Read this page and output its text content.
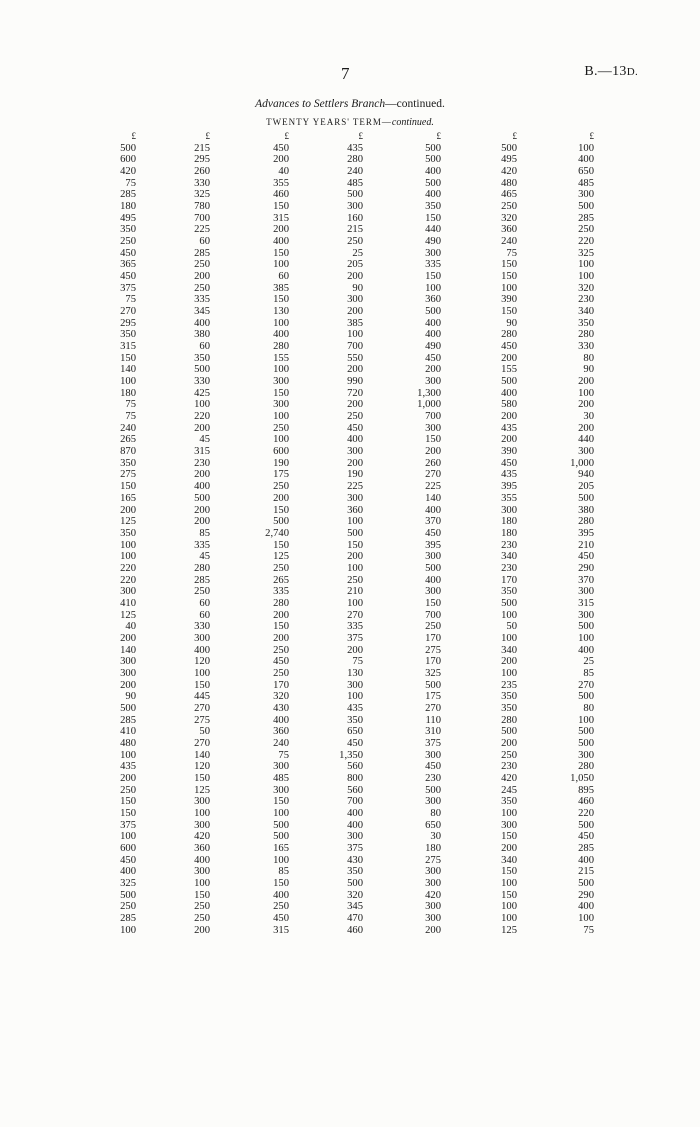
7	B.—13D.
Advances to Settlers Branch—continued.
TWENTY YEARS' TERM—continued.
£
500
600
420
75
285
180
495
350
250
450
365
450
375
75
270
295
350
315
150
140
100
180
75
75
240
265
870
350
275
150
165
200
125
350
100
100
220
220
300
410
125
40
200
140
300
300
200
90
500
285
410
480
100
435
200
250
150
150
375
100
600
450
400
325
500
250
285
100
£
215
295
260
330
325
780
700
225
60
285
250
200
250
335
345
400
380
60
350
500
330
425
100
220
200
45
315
230
200
400
500
200
200
85
335
45
280
285
250
60
60
330
300
400
120
100
150
445
270
275
50
270
140
120
150
125
300
100
300
420
360
400
300
100
150
250
250
200
£
450
200
40
355
460
150
315
200
400
150
100
60
385
150
130
100
400
280
155
100
300
150
300
100
250
100
600
190
175
250
200
150
500
2,740
150
125
250
265
335
280
200
150
200
250
450
250
170
320
430
400
360
240
75
300
485
300
150
100
500
500
165
100
85
150
400
250
450
315
£
435
280
240
485
500
300
160
215
250
25
205
200
90
300
200
385
100
700
550
200
990
720
200
250
450
400
300
200
190
225
300
360
100
500
150
200
100
250
210
100
270
335
375
200
75
130
300
100
435
350
650
450
1,350
560
800
560
700
400
400
300
375
430
350
500
320
345
470
460
£
500
500
400
500
400
350
150
440
490
300
335
150
100
360
500
400
400
490
450
200
300
1,300
1,000
700
300
150
200
260
270
225
140
400
370
450
395
300
500
400
300
150
700
250
170
275
170
325
500
175
270
110
310
375
300
450
230
500
300
80
650
30
180
275
300
300
420
300
300
200
£
500
495
420
480
465
250
320
360
240
75
150
150
100
390
150
90
280
450
200
155
500
400
580
200
435
200
390
450
435
395
355
300
180
180
230
340
230
170
350
500
100
50
100
340
200
100
235
350
350
280
500
200
250
230
420
245
350
100
300
150
200
340
150
100
150
100
100
125
£
100
400
650
485
300
500
285
250
220
325
100
100
320
230
340
350
280
330
80
90
200
100
200
30
200
440
300
1,000
940
205
500
380
280
395
210
450
290
370
300
315
300
500
100
400
25
85
270
500
80
100
500
500
300
280
1,050
895
460
220
500
450
285
400
215
500
290
400
100
75
